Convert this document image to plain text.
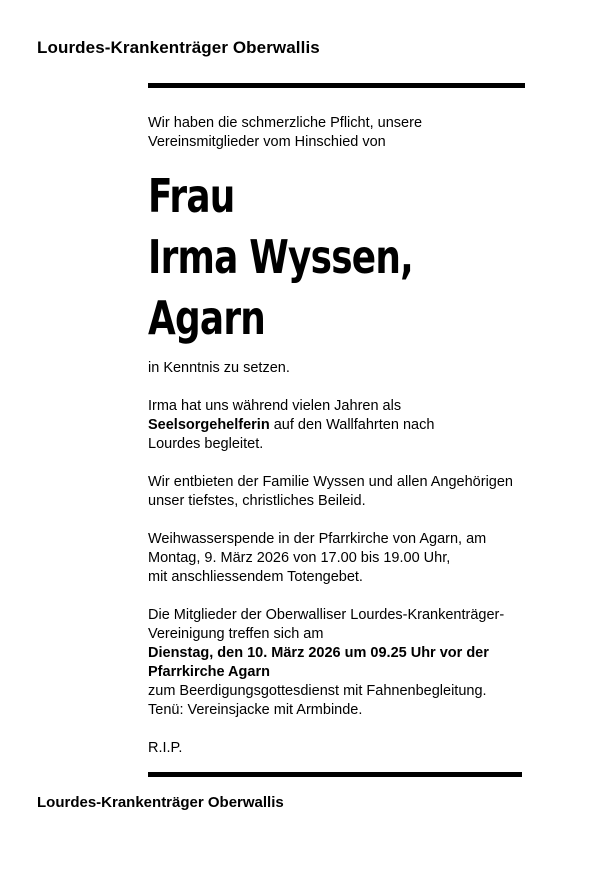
Lourdes-Krankenträger Oberwallis

Wir haben die schmerzliche Pflicht, unsere

Vereinsmitglieder vom Hinschied von

Frau
Irma Wyssen,
Agarn

in Kenntnis zu setzen.

Irma hat uns während vielen Jahren als

Seelsorgehelferin auf den Wallfahrten nach

Lourdes begleitet.

Wir entbieten der Familie Wyssen und allen Angehörigen

unser tiefstes, christliches Beileid.

Weihwasserspende in der Pfarrkirche von Agarn, am

Montag, 9. März 2026 von 17.00 bis 19.00 Uhr,

mit anschliessendem Totengebet.

Die Mitglieder der Oberwalliser Lourdes-Krankenträger-

Vereinigung treffen sich am

Dienstag, den 10. März 2026 um 09.25 Uhr vor der

Pfarrkirche Agarn

zum Beerdigungsgottesdienst mit Fahnenbegleitung.

Tenü: Vereinsjacke mit Armbinde.

R.I.P.

Lourdes-Krankenträger Oberwallis
